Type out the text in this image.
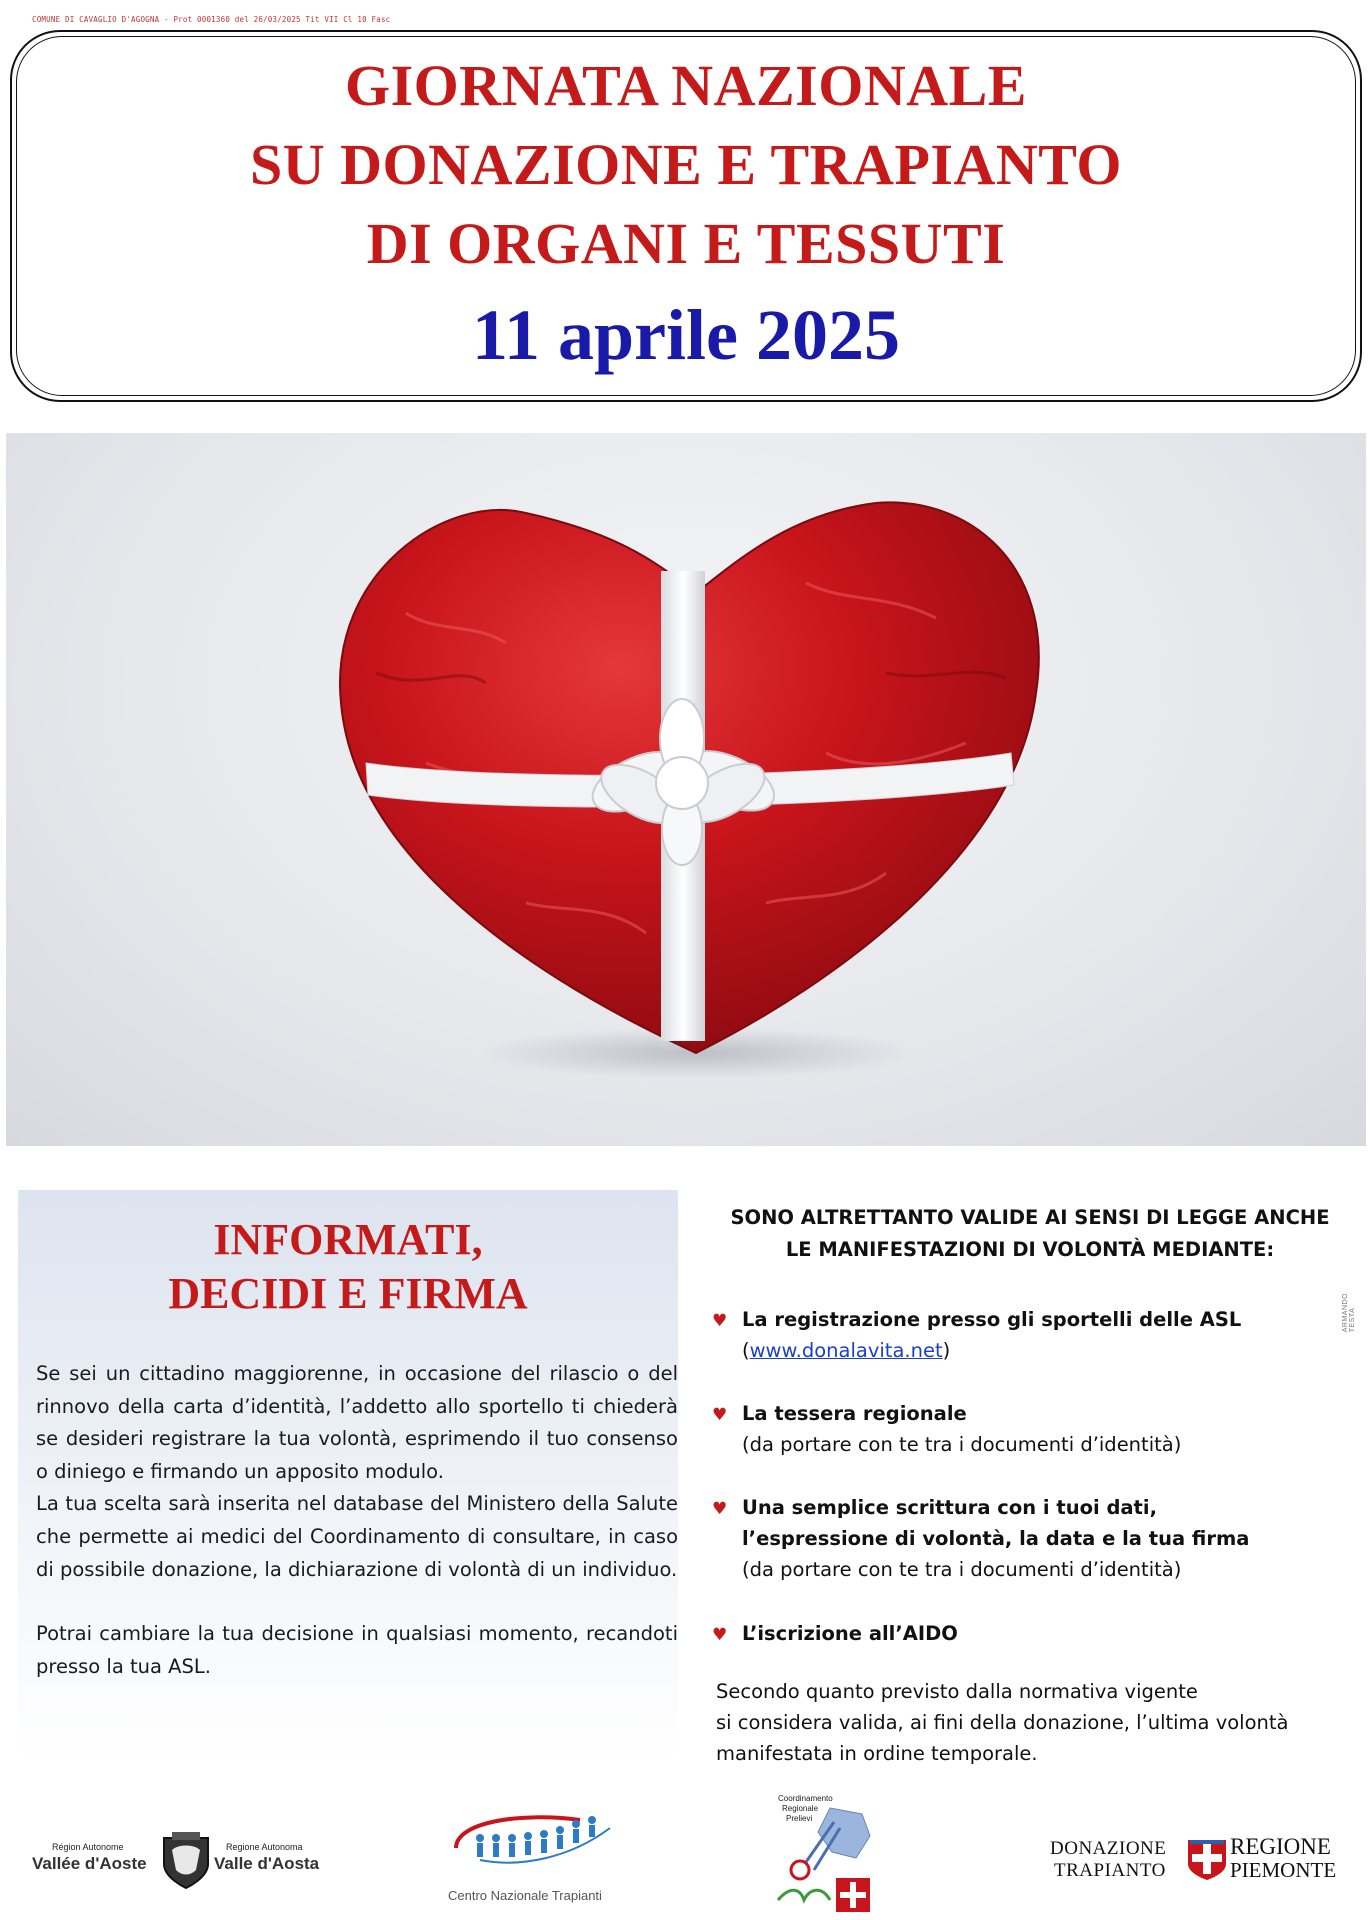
COMUNE DI CAVAGLIO D'AGOGNA - Prot 0001360 del 26/03/2025 Tit VII Cl 10 Fasc
GIORNATA NAZIONALE
SU DONAZIONE E TRAPIANTO
DI ORGANI E TESSUTI
11 aprile 2025
ARMANDO TESTA
INFORMATI,
DECIDI E FIRMA

Se sei un cittadino maggiorenne, in occasione del rilascio o del rinnovo della carta d’identità, l’addetto allo sportello ti chiederà se desideri registrare la tua volontà, esprimendo il tuo consenso o diniego e firmando un apposito modulo.

La tua scelta sarà inserita nel database del Ministero della Salute che permette ai medici del Coordinamento di consultare, in caso di possibile donazione, la dichiarazione di volontà di un individuo.

Potrai cambiare la tua decisione in qualsiasi momento, recandoti presso la tua ASL.

SONO ALTRETTANTO VALIDE AI SENSI DI LEGGE ANCHE
LE MANIFESTAZIONI DI VOLONTÀ MEDIANTE:
♥ La registrazione presso gli sportelli delle ASL
(www.donalavita.net)
♥ La tessera regionale
(da portare con te tra i documenti d’identità)
♥ Una semplice scrittura con i tuoi dati,
l’espressione di volontà, la data e la tua firma
(da portare con te tra i documenti d’identità)
♥ L’iscrizione all’AIDO
Secondo quanto previsto dalla normativa vigente
si considera valida, ai fini della donazione, l’ultima volontà
manifestata in ordine temporale.
Région Autonome
Vallée d'Aoste
Regione Autonoma
Valle d'Aosta
Centro Nazionale Trapianti
Coordinamento
Regionale
Prelievi
DONAZIONE
TRAPIANTO
REGIONE
PIEMONTE
